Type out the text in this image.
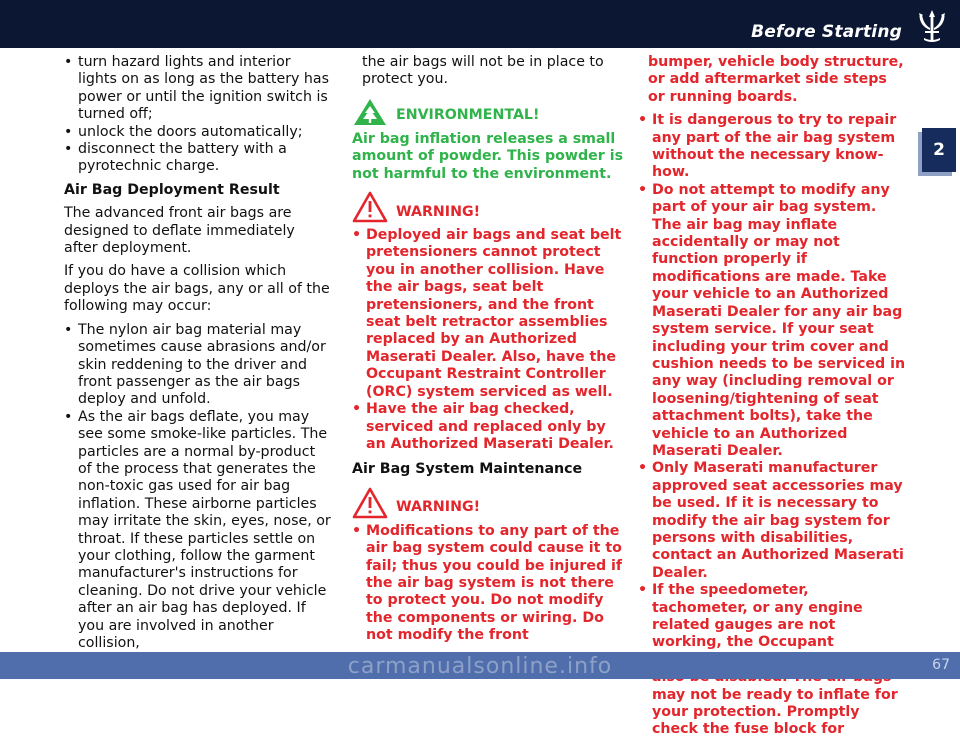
Before Starting
2
• turn hazard lights and interior lights on as long as the battery has power or until the ignition switch is turned off;
• unlock the doors automatically;
• disconnect the battery with a pyrotechnic charge.

Air Bag Deployment Result

The advanced front air bags are designed to deflate immediately after deployment.

If you do have a collision which deploys the air bags, any or all of the following may occur:

• The nylon air bag material may sometimes cause abrasions and/or skin reddening to the driver and front passenger as the air bags deploy and unfold.
• As the air bags deflate, you may see some smoke-like particles. The particles are a normal by-product of the process that generates the non-toxic gas used for air bag inflation. These airborne particles may irritate the skin, eyes, nose, or throat. If these particles settle on your clothing, follow the garment manufacturer's instructions for cleaning. Do not drive your vehicle after an air bag has deployed. If you are involved in another collision,

the air bags will not be in place to protect you.

ENVIRONMENTAL!

Air bag inflation releases a small amount of powder. This powder is not harmful to the environment.

WARNING!
• Deployed air bags and seat belt pretensioners cannot protect you in another collision. Have the air bags, seat belt pretensioners, and the front seat belt retractor assemblies replaced by an Authorized Maserati Dealer. Also, have the Occupant Restraint Controller (ORC) system serviced as well.
• Have the air bag checked, serviced and replaced only by an Authorized Maserati Dealer.

Air Bag System Maintenance

WARNING!
• Modifications to any part of the air bag system could cause it to fail; thus you could be injured if the air bag system is not there to protect you. Do not modify the components or wiring. Do not modify the front

bumper, vehicle body structure, or add aftermarket side steps or running boards.

• It is dangerous to try to repair any part of the air bag system without the necessary know-how.
• Do not attempt to modify any part of your air bag system. The air bag may inflate accidentally or may not function properly if modifications are made. Take your vehicle to an Authorized Maserati Dealer for any air bag system service. If your seat including your trim cover and cushion needs to be serviced in any way (including removal or loosening/tightening of seat attachment bolts), take the vehicle to an Authorized Maserati Dealer.
• Only Maserati manufacturer approved seat accessories may be used. If it is necessary to modify the air bag system for persons with disabilities, contact an Authorized Maserati Dealer.
• If the speedometer, tachometer, or any engine related gauges are not working, the Occupant may not be ready to inflate for your protection. Promptly check the fuse block for
carmanualsonline.info	67
